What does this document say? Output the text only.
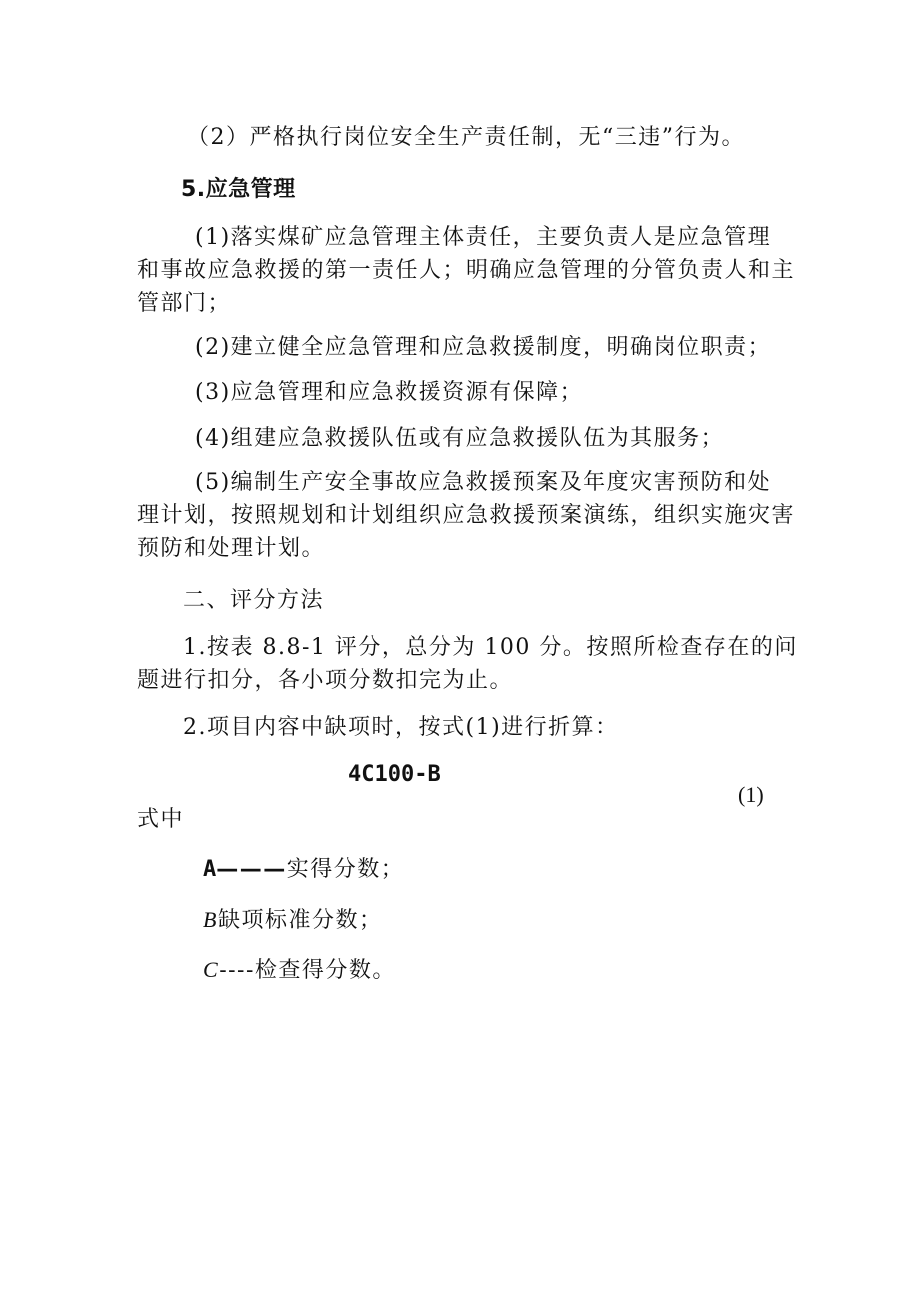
（2）严格执行岗位安全生产责任制，无“三违”行为。
5.应急管理
(1)落实煤矿应急管理主体责任，主要负责人是应急管理
和事故应急救援的第一责任人；明确应急管理的分管负责人和主
管部门；
(2)建立健全应急管理和应急救援制度，明确岗位职责；
(3)应急管理和应急救援资源有保障；
(4)组建应急救援队伍或有应急救援队伍为其服务；
(5)编制生产安全事故应急救援预案及年度灾害预防和处
理计划，按照规划和计划组织应急救援预案演练，组织实施灾害
预防和处理计划。
二、评分方法
1.按表 8.8-1 评分，总分为 100 分。按照所检查存在的问
题进行扣分，各小项分数扣完为止。
2.项目内容中缺项时，按式(1)进行折算：
4C100-B
(1)
式中
A———实得分数；
B缺项标准分数；
C----检查得分数。
